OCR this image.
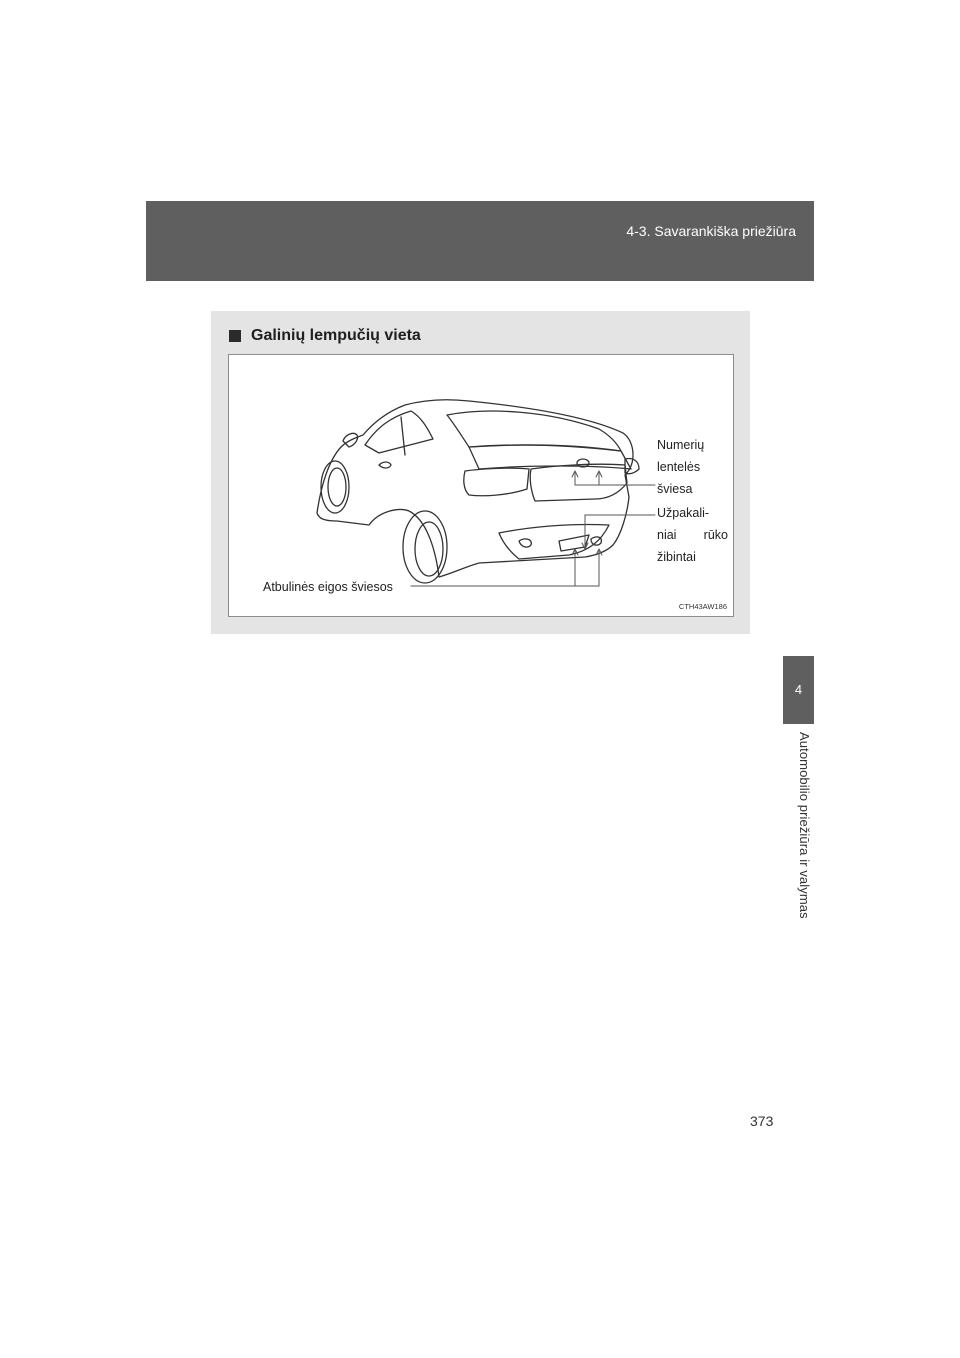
4-3. Savarankiška priežiūra
4
Automobilio priežiūra ir valymas
Galinių lempučių vieta
Numerių
lentelės
šviesa
Užpakali-
niai rūko
žibintai
Atbulinės eigos šviesos
CTH43AW186
373
